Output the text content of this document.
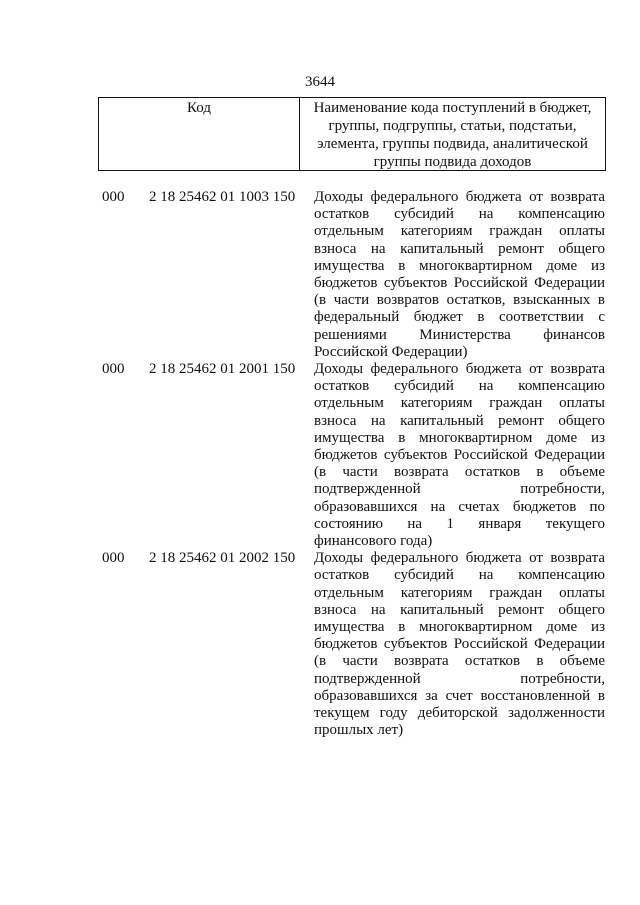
3644
Код	Наименование кода поступлений в бюджет, группы, подгруппы, статьи, подстатьи, элемента, группы подвида, аналитической группы подвида доходов
000	2 18 25462 01 1003 150	Доходы федерального бюджета от возврата остатков субсидий на компенсацию отдельным категориям граждан оплаты взноса на капитальный ремонт общего имущества в многоквартирном доме из бюджетов субъектов Российской Федерации (в части возвратов остатков, взысканных в федеральный бюджет в соответствии с решениями Министерства финансов Российской Федерации)
000	2 18 25462 01 2001 150	Доходы федерального бюджета от возврата остатков субсидий на компенсацию отдельным категориям граждан оплаты взноса на капитальный ремонт общего имущества в многоквартирном доме из бюджетов субъектов Российской Федерации (в части возврата остатков в объеме подтвержденной потребности, образовавшихся на счетах бюджетов по состоянию на 1 января текущего финансового года)
000	2 18 25462 01 2002 150	Доходы федерального бюджета от возврата остатков субсидий на компенсацию отдельным категориям граждан оплаты взноса на капитальный ремонт общего имущества в многоквартирном доме из бюджетов субъектов Российской Федерации (в части возврата остатков в объеме подтвержденной потребности, образовавшихся за счет восстановленной в текущем году дебиторской задолженности прошлых лет)
